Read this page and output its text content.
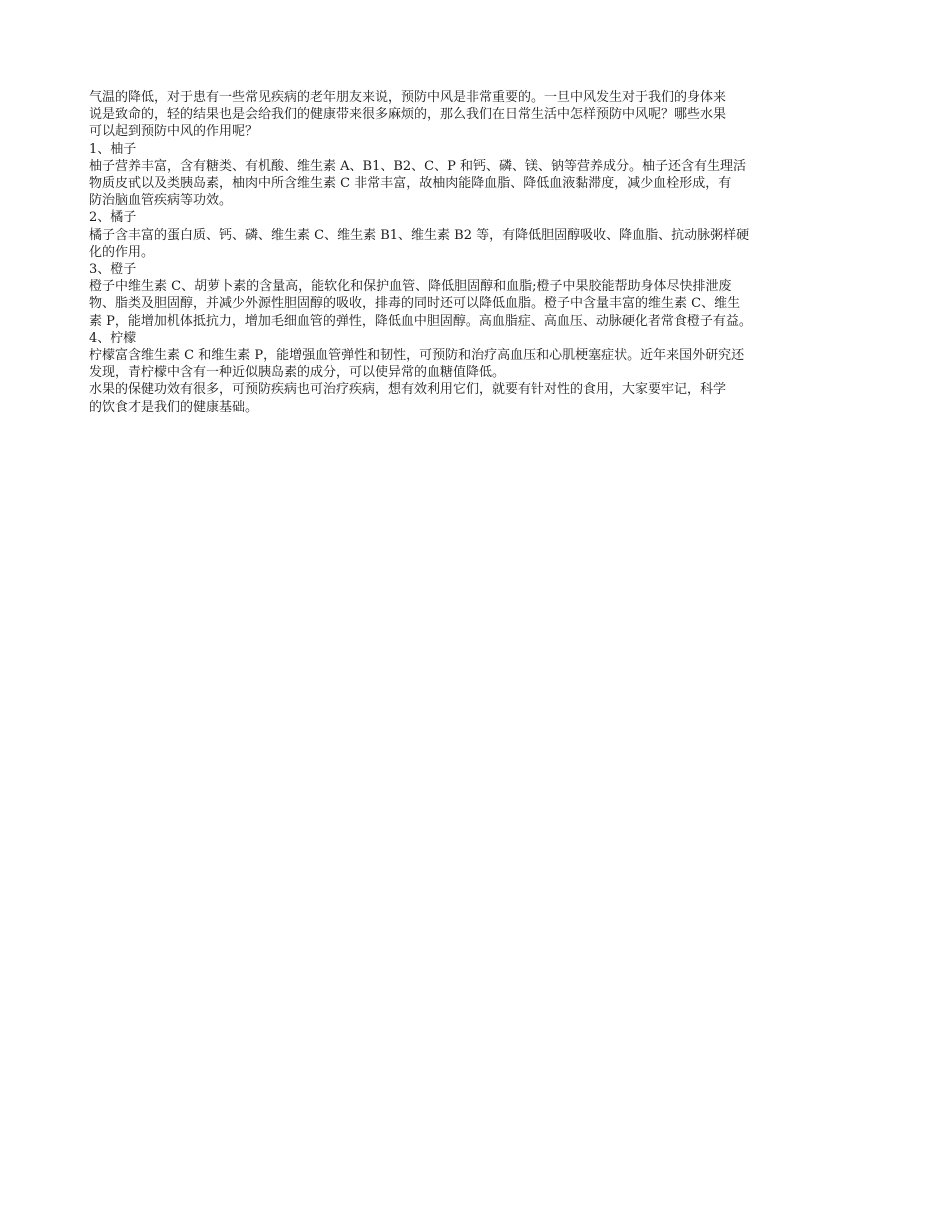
气温的降低，对于患有一些常见疾病的老年朋友来说，预防中风是非常重要的。一旦中风发生对于我们的身体来
说是致命的，轻的结果也是会给我们的健康带来很多麻烦的，那么我们在日常生活中怎样预防中风呢？哪些水果
可以起到预防中风的作用呢？
1、柚子
柚子营养丰富，含有糖类、有机酸、维生素 A、B1、B2、C、P 和钙、磷、镁、钠等营养成分。柚子还含有生理活
物质皮甙以及类胰岛素，柚肉中所含维生素 C 非常丰富，故柚肉能降血脂、降低血液黏滞度，减少血栓形成，有
防治脑血管疾病等功效。
2、橘子
橘子含丰富的蛋白质、钙、磷、维生素 C、维生素 B1、维生素 B2 等，有降低胆固醇吸收、降血脂、抗动脉粥样硬
化的作用。
3、橙子
橙子中维生素 C、胡萝卜素的含量高，能软化和保护血管、降低胆固醇和血脂;橙子中果胶能帮助身体尽快排泄废
物、脂类及胆固醇，并减少外源性胆固醇的吸收，排毒的同时还可以降低血脂。橙子中含量丰富的维生素 C、维生
素 P，能增加机体抵抗力，增加毛细血管的弹性，降低血中胆固醇。高血脂症、高血压、动脉硬化者常食橙子有益。
4、柠檬
柠檬富含维生素 C 和维生素 P，能增强血管弹性和韧性，可预防和治疗高血压和心肌梗塞症状。近年来国外研究还
发现，青柠檬中含有一种近似胰岛素的成分，可以使异常的血糖值降低。
水果的保健功效有很多，可预防疾病也可治疗疾病，想有效利用它们，就要有针对性的食用，大家要牢记，科学
的饮食才是我们的健康基础。
